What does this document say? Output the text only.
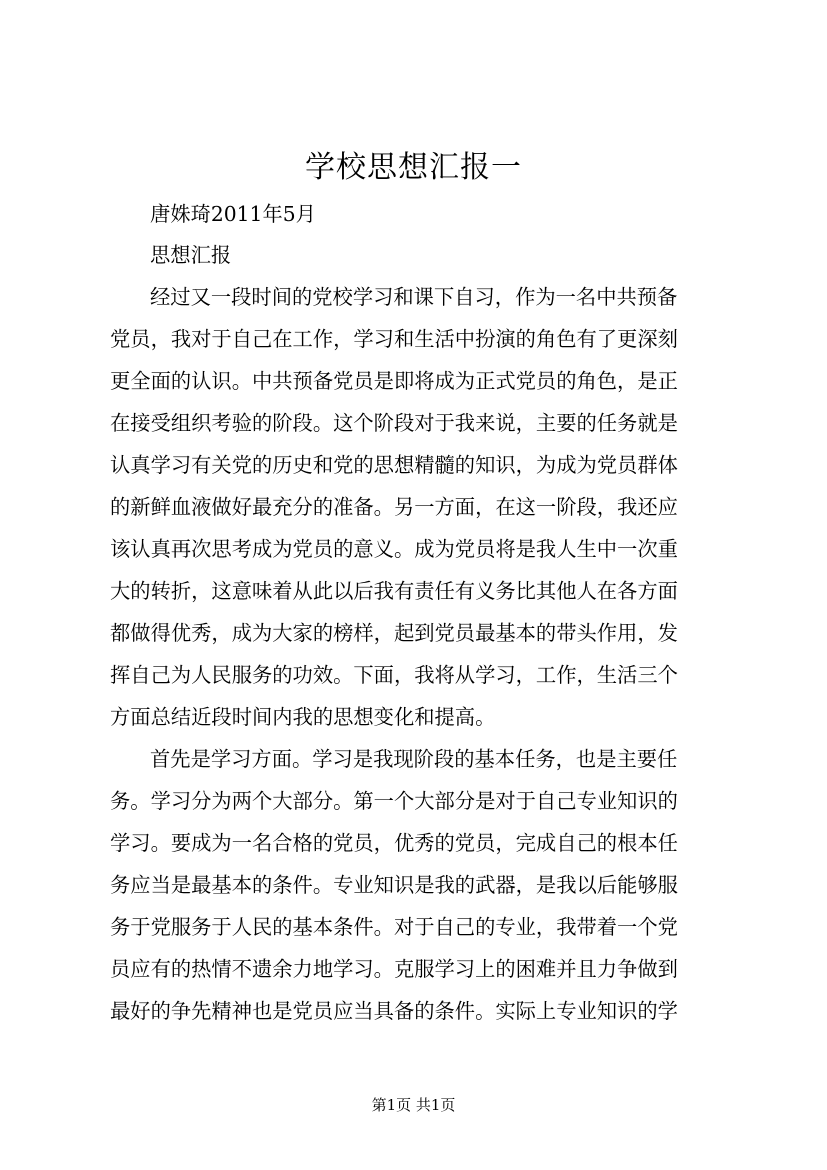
学校思想汇报一
唐姝琦2011年5月
思想汇报
经过又一段时间的党校学习和课下自习，作为一名中共预备
党员，我对于自己在工作，学习和生活中扮演的角色有了更深刻
更全面的认识。中共预备党员是即将成为正式党员的角色，是正
在接受组织考验的阶段。这个阶段对于我来说，主要的任务就是
认真学习有关党的历史和党的思想精髓的知识，为成为党员群体
的新鲜血液做好最充分的准备。另一方面，在这一阶段，我还应
该认真再次思考成为党员的意义。成为党员将是我人生中一次重
大的转折，这意味着从此以后我有责任有义务比其他人在各方面
都做得优秀，成为大家的榜样，起到党员最基本的带头作用，发
挥自己为人民服务的功效。下面，我将从学习，工作，生活三个
方面总结近段时间内我的思想变化和提高。
首先是学习方面。学习是我现阶段的基本任务，也是主要任
务。学习分为两个大部分。第一个大部分是对于自己专业知识的
学习。要成为一名合格的党员，优秀的党员，完成自己的根本任
务应当是最基本的条件。专业知识是我的武器，是我以后能够服
务于党服务于人民的基本条件。对于自己的专业，我带着一个党
员应有的热情不遗余力地学习。克服学习上的困难并且力争做到
最好的争先精神也是党员应当具备的条件。实际上专业知识的学
第1页 共1页
